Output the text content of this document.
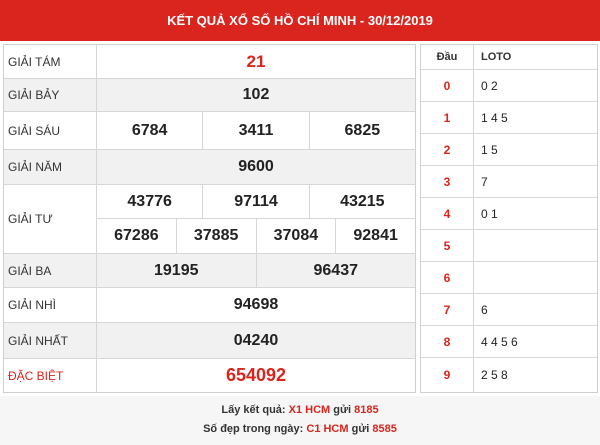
KẾT QUẢ XỔ SỐ HỒ CHÍ MINH - 30/12/2019
GIẢI TÁM	21
GIẢI BẢY	102
GIẢI SÁU	6784	3411	6825
GIẢI NĂM	9600
GIẢI TƯ
43776	97114	43215
67286	37885	37084	92841
GIẢI BA	19195	96437
GIẢI NHÌ	94698
GIẢI NHẤT	04240
ĐẶC BIỆT	654092
Đầu	LOTO
0	0 2
1	1 4 5
2	1 5
3	7
4	0 1
5
6
7	6
8	4 4 5 6
9	2 5 8
Lấy kết quả: X1 HCM gửi 8185
Số đẹp trong ngày: C1 HCM gửi 8585
